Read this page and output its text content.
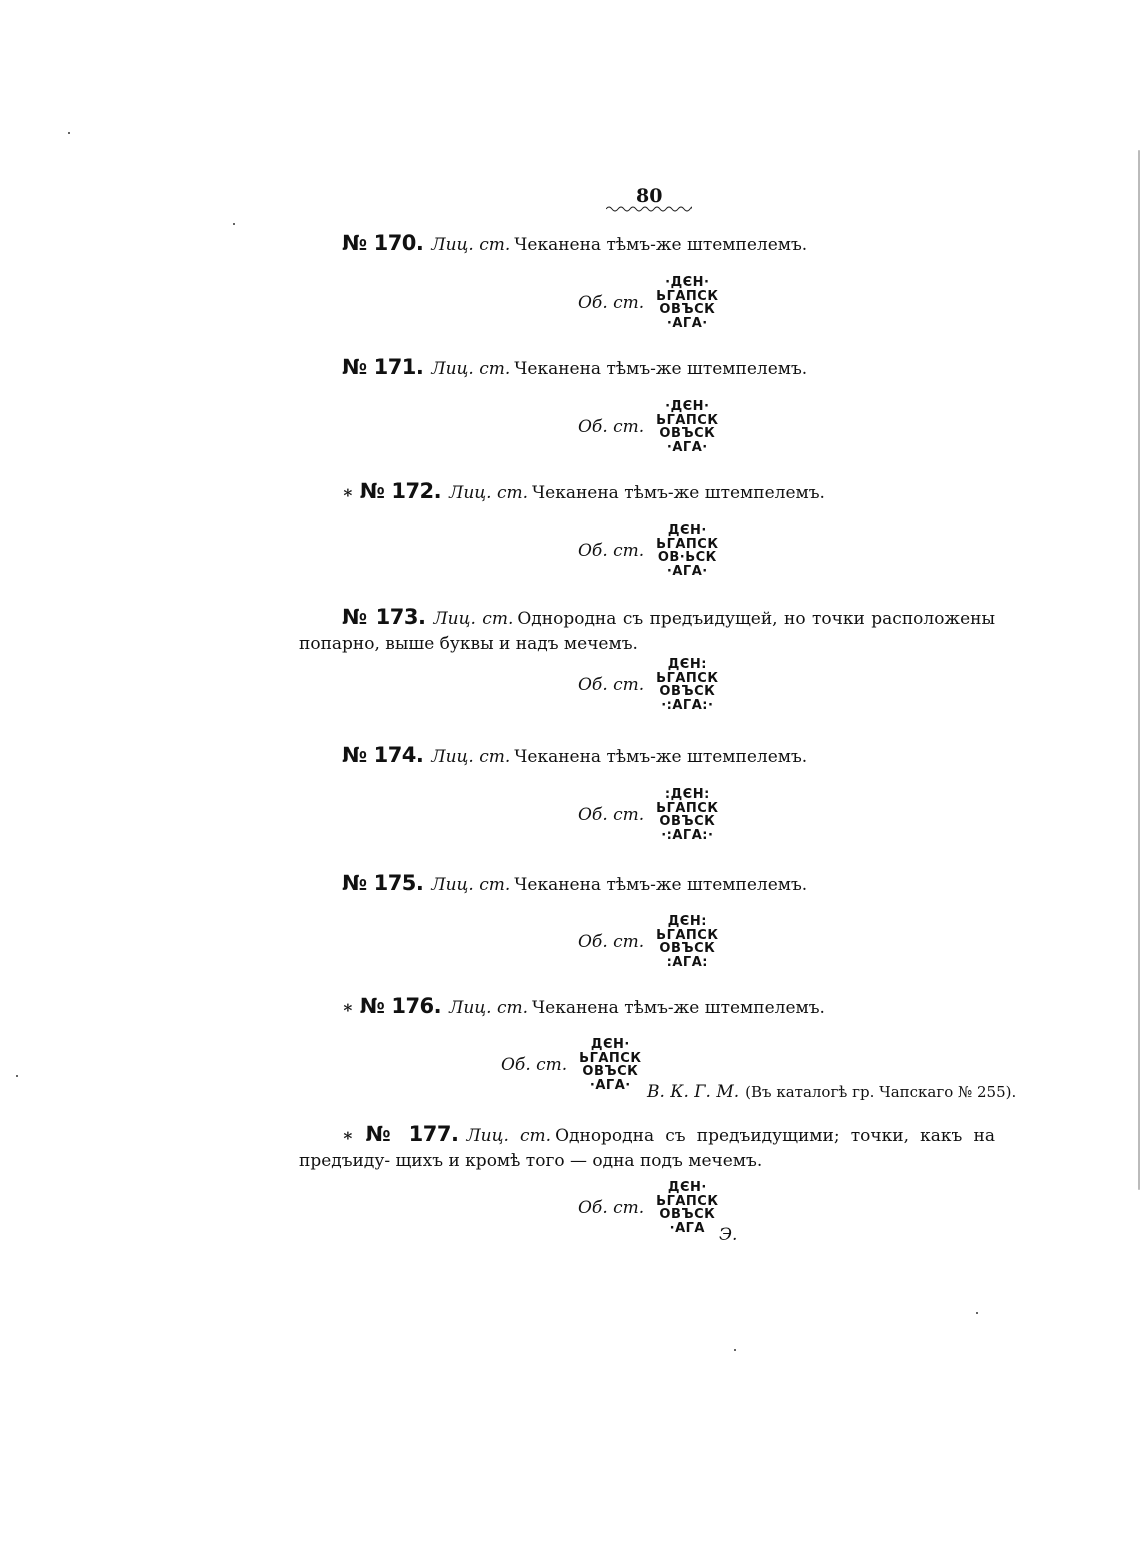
80
№ 170. Лиц. ст. Чеканена тѣмъ-же штемпелемъ.
Об. ст.
·ДЄН·
ЬГАПСК
ОВЪСК
·АГА·
№ 171. Лиц. ст. Чеканена тѣмъ-же штемпелемъ.
Об. ст.
·ДЄН·
ЬГАПСК
ОВЪСК
·АГА·
∗ № 172. Лиц. ст. Чеканена тѣмъ-же штемпелемъ.
Об. ст.
ДЄН·
ЬГАПСК
ОВ·ЬСК
·АГА·
№ 173. Лиц. ст. Однородна съ предъидущей, но точки расположены попарно, выше буквы и надъ мечемъ.
Об. ст.
ДЄН:
ЬГАПСК
ОВЪСК
·:АГА:·
№ 174. Лиц. ст. Чеканена тѣмъ-же штемпелемъ.
Об. ст.
:ДЄН:
ЬГАПСК
ОВЪСК
·:АГА:·
№ 175. Лиц. ст. Чеканена тѣмъ-же штемпелемъ.
Об. ст.
ДЄН:
ЬГАПСК
ОВЪСК
:АГА:
∗ № 176. Лиц. ст. Чеканена тѣмъ-же штемпелемъ.
Об. ст.
ДЄН·
ЬГАПСК
ОВЪСК
·АГА· В. К. Г. М. (Въ каталогѣ гр. Чапскаго № 255).
∗ № 177. Лиц. ст. Однородна съ предъидущими; точки, какъ на предъиду- щихъ и кромѣ того — одна подъ мечемъ.
Об. ст.
ДЄН·
ЬГАПСК
ОВЪСК
·АГА Э.
